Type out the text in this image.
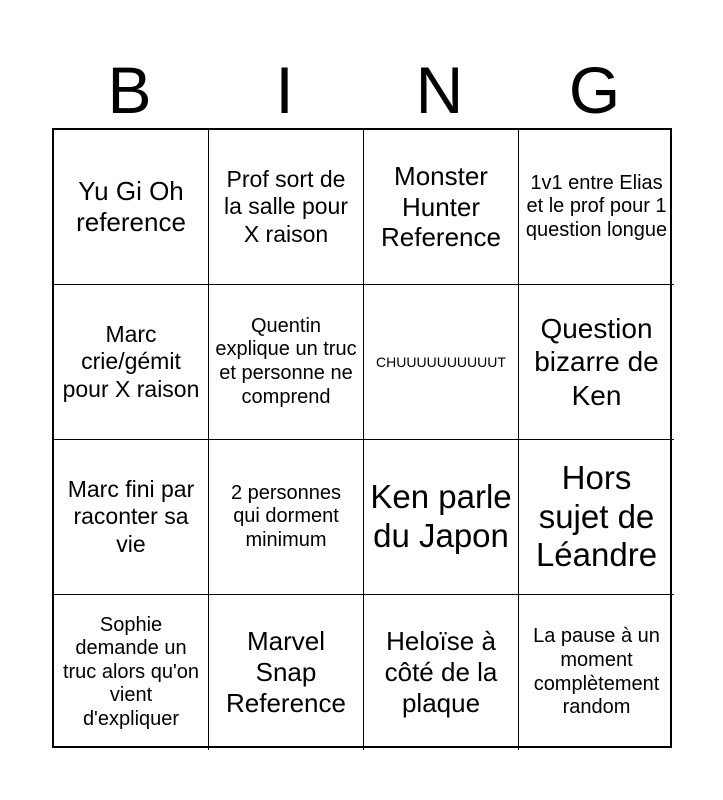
B	I	N	G
Yu Gi Oh reference
Prof sort de la salle pour X raison
Monster Hunter Reference
1v1 entre Elias et le prof pour 1 question longue
Marc crie/gémit pour X raison
Quentin explique un truc et personne ne comprend
CHUUUUUUUUUUT
Question bizarre de Ken
Marc fini par raconter sa vie
2 personnes qui dorment minimum
Ken parle du Japon
Hors sujet de Léandre
Sophie demande un truc alors qu'on vient d'expliquer
Marvel Snap Reference
Heloïse à côté de la plaque
La pause à un moment complètement random
